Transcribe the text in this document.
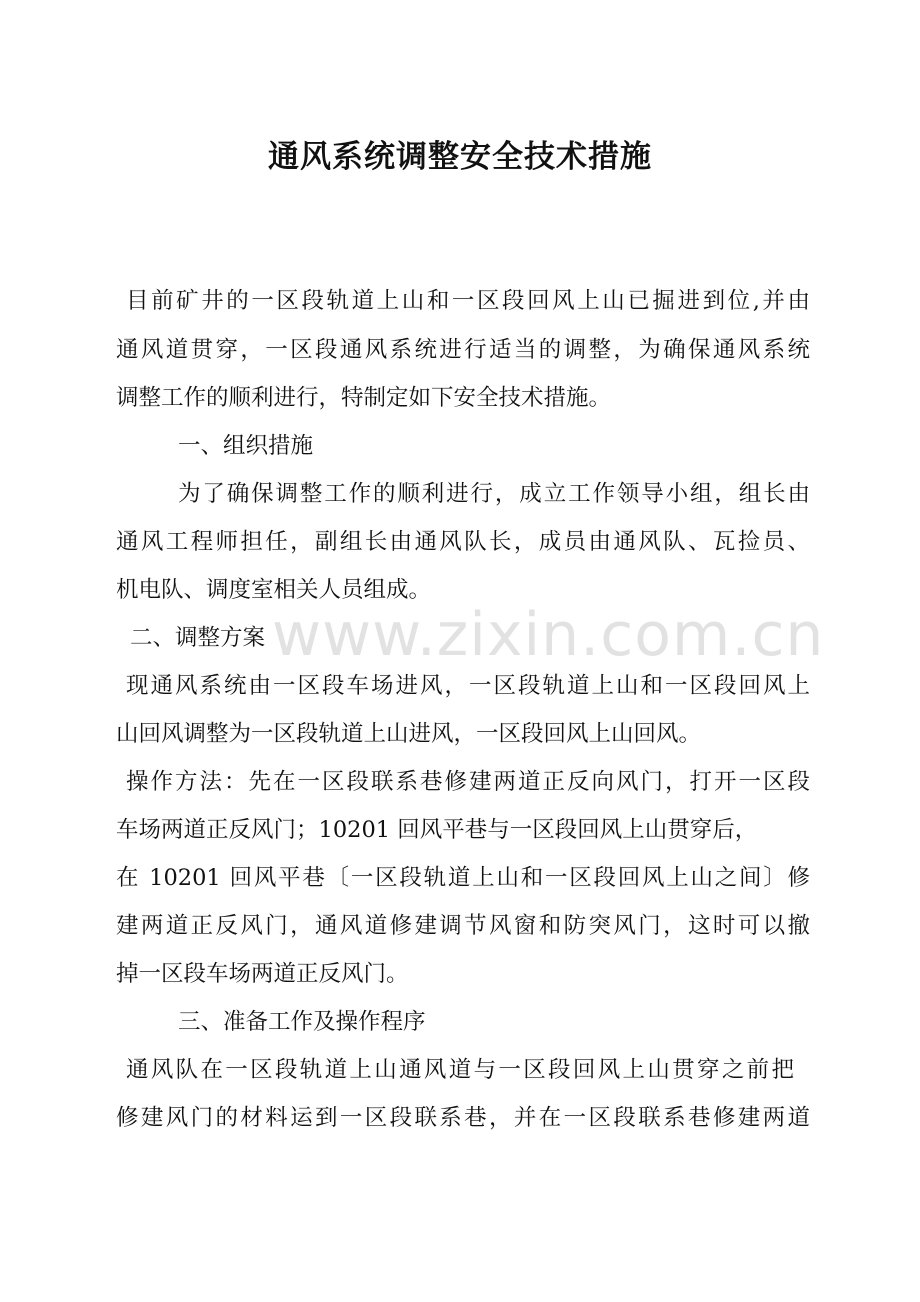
通风系统调整安全技术措施
目前矿井的一区段轨道上山和一区段回风上山已掘进到位,并由
通风道贯穿，一区段通风系统进行适当的调整，为确保通风系统
调整工作的顺利进行，特制定如下安全技术措施。
一、组织措施
为了确保调整工作的顺利进行，成立工作领导小组，组长由
通风工程师担任，副组长由通风队长，成员由通风队、瓦捡员、
机电队、调度室相关人员组成。
二、调整方案
现通风系统由一区段车场进风，一区段轨道上山和一区段回风上
山回风调整为一区段轨道上山进风，一区段回风上山回风。
操作方法：先在一区段联系巷修建两道正反向风门，打开一区段
车场两道正反风门；10201 回风平巷与一区段回风上山贯穿后，
在 10201 回风平巷〔一区段轨道上山和一区段回风上山之间〕修
建两道正反风门，通风道修建调节风窗和防突风门，这时可以撤
掉一区段车场两道正反风门。
三、准备工作及操作程序
通风队在一区段轨道上山通风道与一区段回风上山贯穿之前把
修建风门的材料运到一区段联系巷，并在一区段联系巷修建两道
www.zixin.com.cn
